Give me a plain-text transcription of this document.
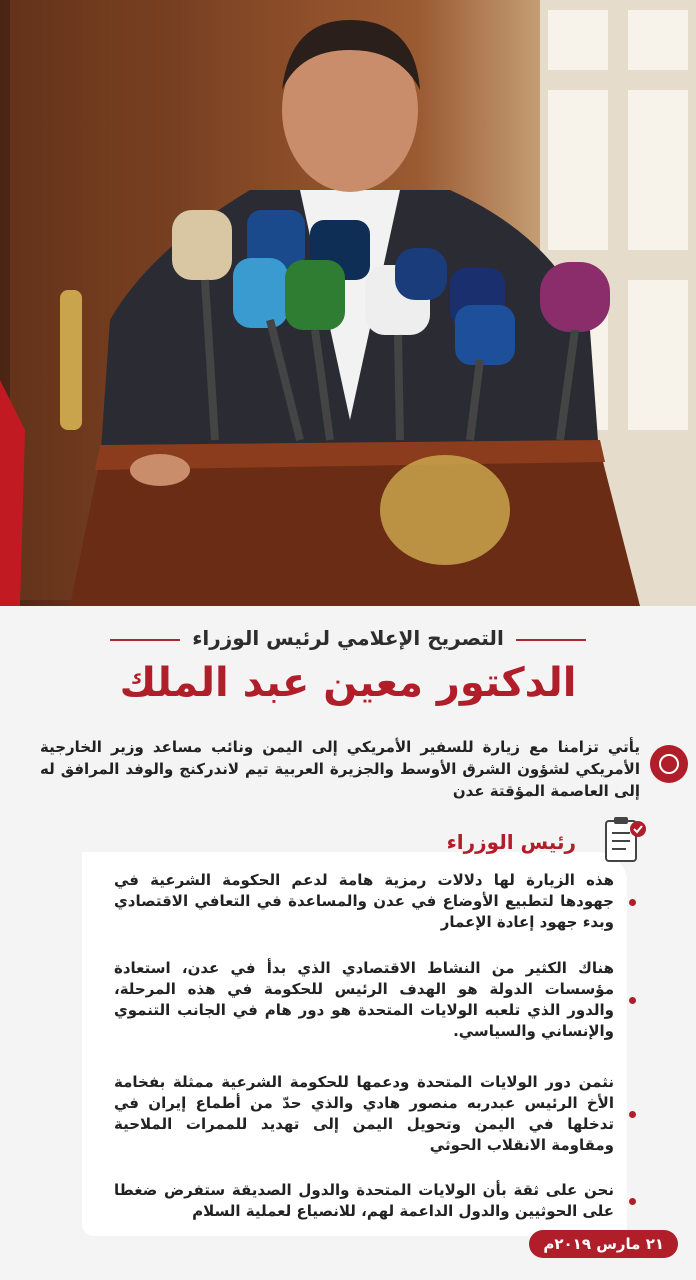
التصريح الإعلامي لرئيس الوزراء
الدكتور معين عبد الملك
يأتي تزامنا مع زيارة للسفير الأمريكي إلى اليمن ونائب مساعد وزير الخارجية الأمريكي لشؤون الشرق الأوسط والجزيرة العربية تيم لاندركنج والوفد المرافق له إلى العاصمة المؤقتة عدن
رئيس الوزراء
هذه الزيارة لها دلالات رمزية هامة لدعم الحكومة الشرعية في جهودها لتطبيع الأوضاع في عدن والمساعدة في التعافي الاقتصادي وبدء جهود إعادة الإعمار
هناك الكثير من النشاط الاقتصادي الذي بدأ في عدن، استعادة مؤسسات الدولة هو الهدف الرئيس للحكومة في هذه المرحلة، والدور الذي تلعبه الولايات المتحدة هو دور هام في الجانب التنموي والإنساني والسياسي.
نثمن دور الولايات المتحدة ودعمها للحكومة الشرعية ممثلة بفخامة الأخ الرئيس عبدربه منصور هادي والذي حدّ من أطماع إيران في تدخلها في اليمن وتحويل اليمن إلى تهديد للممرات الملاحية ومقاومة الانقلاب الحوثي
نحن على ثقة بأن الولايات المتحدة والدول الصديقة ستفرض ضغطا على الحوثيين والدول الداعمة لهم، للانصياع لعملية السلام
٢١ مارس ٢٠١٩م
